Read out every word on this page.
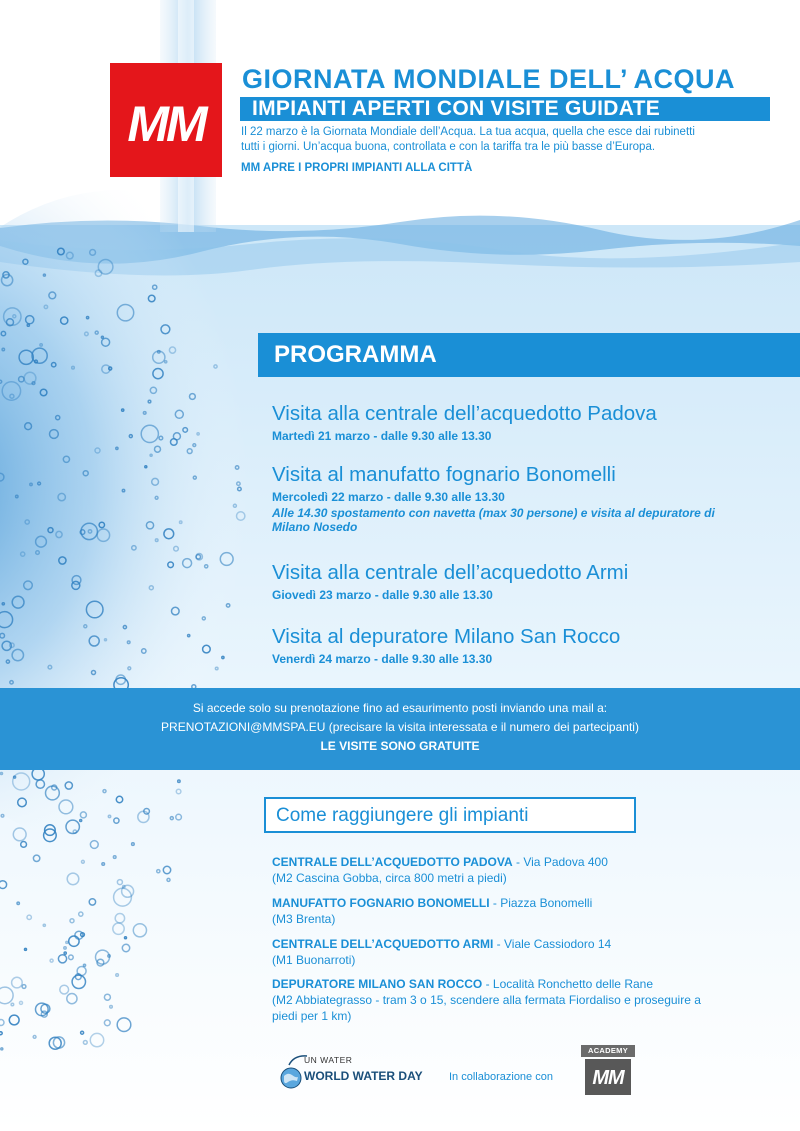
MM
GIORNATA MONDIALE DELL’ ACQUA
IMPIANTI APERTI CON VISITE GUIDATE
Il 22 marzo è la Giornata Mondiale dell’Acqua. La tua acqua, quella che esce dai rubinetti
tutti i giorni. Un’acqua buona, controllata e con la tariffa tra le più basse d’Europa.
MM APRE I PROPRI IMPIANTI ALLA CITTÀ
PROGRAMMA
Visita alla centrale dell’acquedotto Padova
Martedì 21 marzo - dalle 9.30 alle 13.30
Visita al manufatto fognario Bonomelli
Mercoledì 22 marzo - dalle 9.30 alle 13.30
Alle 14.30 spostamento con navetta (max 30 persone) e visita al depuratore di Milano Nosedo
Visita alla centrale dell’acquedotto Armi
Giovedì 23 marzo - dalle 9.30 alle 13.30
Visita al depuratore Milano San Rocco
Venerdì 24 marzo - dalle 9.30 alle 13.30
Si accede solo su prenotazione fino ad esaurimento posti inviando una mail a:
PRENOTAZIONI@MMSPA.EU (precisare la visita interessata e il numero dei partecipanti)
LE VISITE SONO GRATUITE
Come raggiungere gli impianti
CENTRALE DELL’ACQUEDOTTO PADOVA - Via Padova 400
(M2 Cascina Gobba, circa 800 metri a piedi)
MANUFATTO FOGNARIO BONOMELLI - Piazza Bonomelli
(M3 Brenta)
CENTRALE DELL’ACQUEDOTTO ARMI - Viale Cassiodoro 14
(M1 Buonarroti)
DEPURATORE MILANO SAN ROCCO - Località Ronchetto delle Rane
(M2 Abbiategrasso - tram 3 o 15, scendere alla fermata Fiordaliso e proseguire a piedi per 1 km)
UN WATER
WORLD WATER DAY In collaborazione con
ACADEMY
MM
